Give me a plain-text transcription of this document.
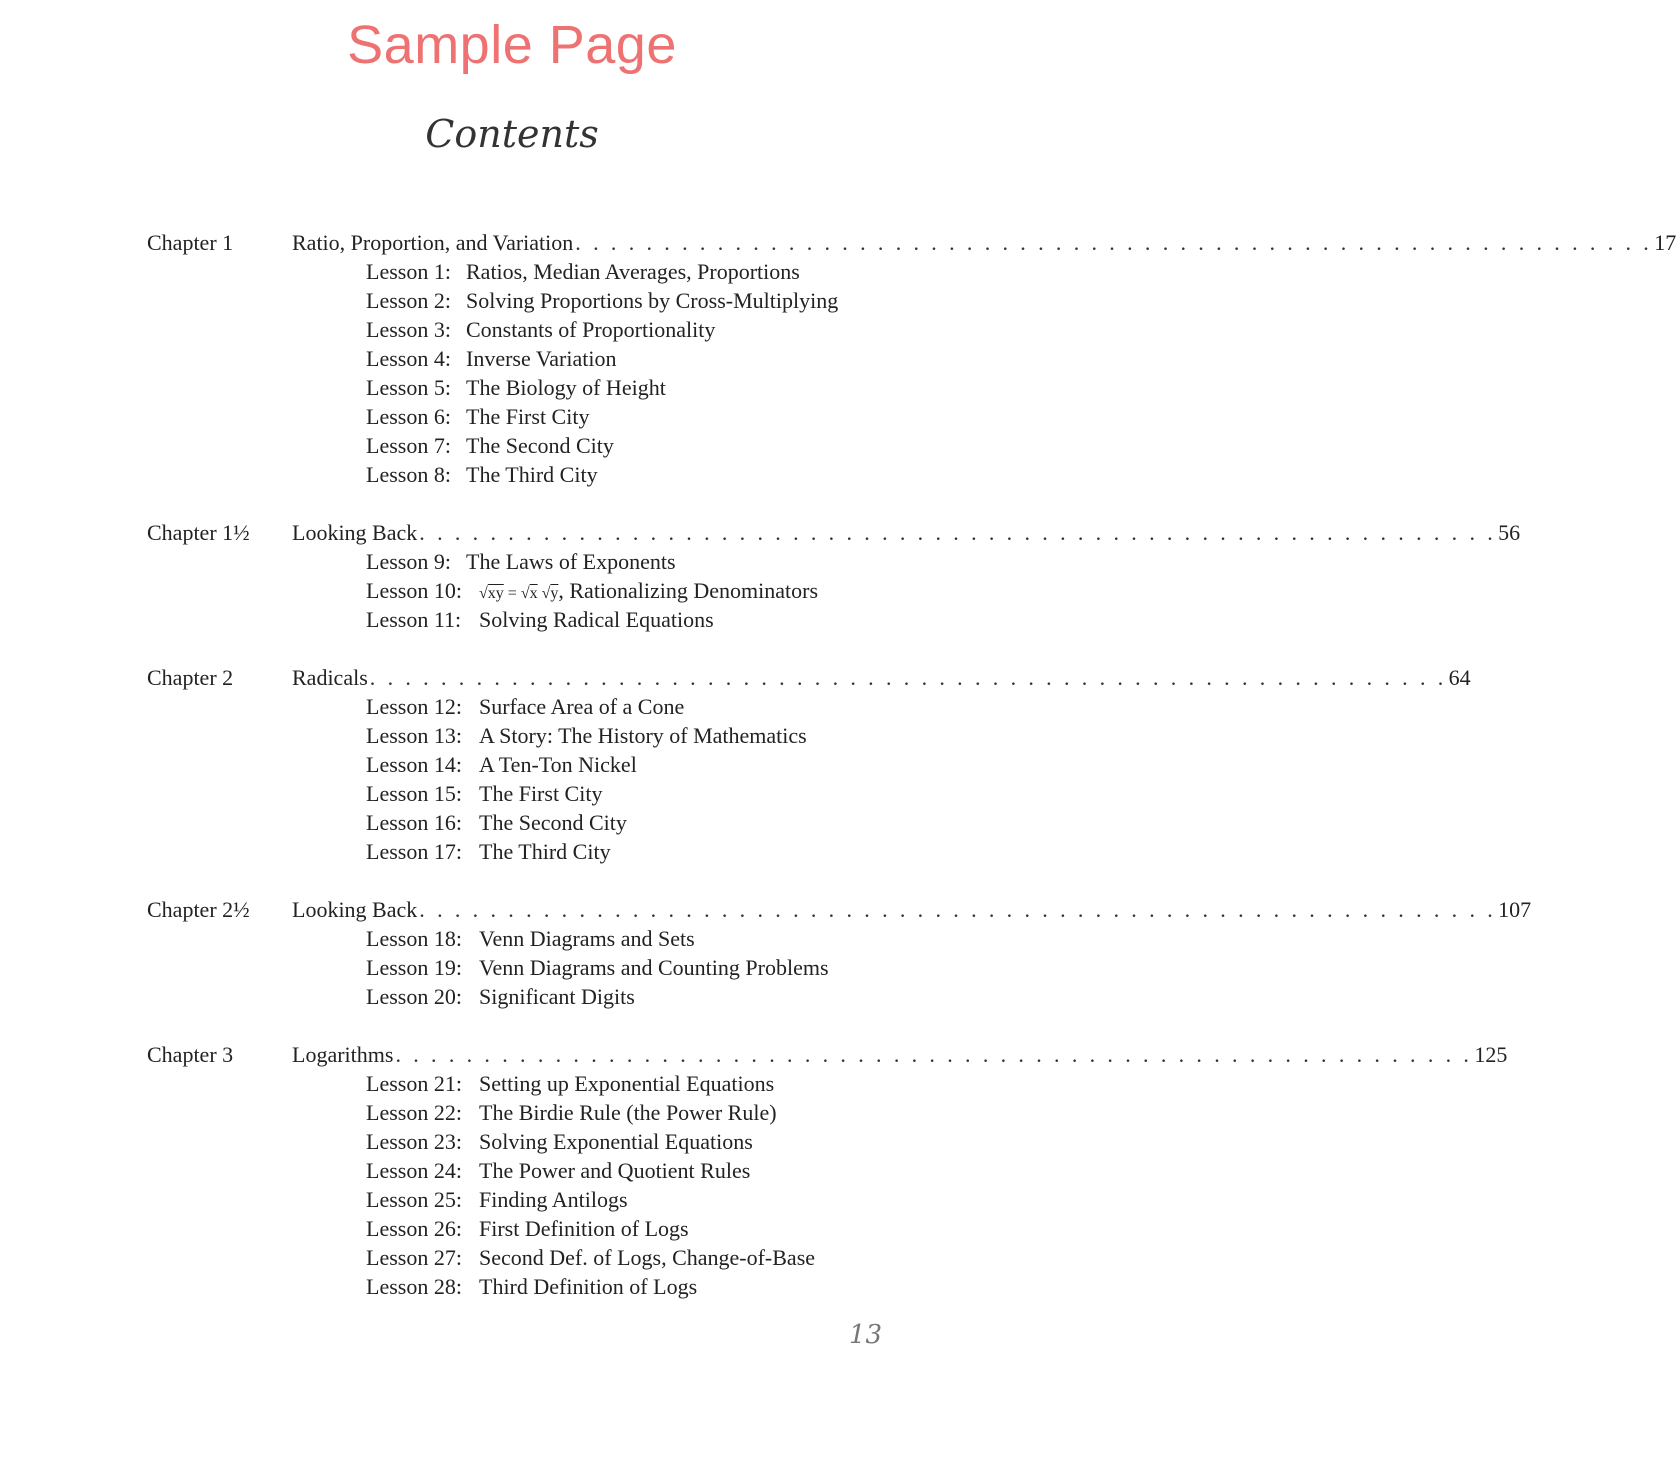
Sample Page
Contents
Chapter 1	Ratio, Proportion, and Variation . . . . . . . . . . . . . . . . . . . . . . . . . . . . . . . . . . . . . . . . . . . . . . . . . . . . . . . . . . . . . 17
Lesson 1: Ratios, Median Averages, Proportions
Lesson 2: Solving Proportions by Cross-Multiplying
Lesson 3: Constants of Proportionality
Lesson 4: Inverse Variation
Lesson 5: The Biology of Height
Lesson 6: The First City
Lesson 7: The Second City
Lesson 8: The Third City
Chapter 1½ Looking Back . . . . . . . . . . . . . . . . . . . . . . . . . . . . . . . . . . . . . . . . . . . . . . . . . . . . . . . . . . . . . 56
Lesson 9: The Laws of Exponents
Lesson 10: √xy = √x √y, Rationalizing Denominators
Lesson 11: Solving Radical Equations
Chapter 2	Radicals . . . . . . . . . . . . . . . . . . . . . . . . . . . . . . . . . . . . . . . . . . . . . . . . . . . . . . . . . . . . . 64
Lesson 12: Surface Area of a Cone
Lesson 13: A Story: The History of Mathematics
Lesson 14: A Ten-Ton Nickel
Lesson 15: The First City
Lesson 16: The Second City
Lesson 17: The Third City
Chapter 2½ Looking Back . . . . . . . . . . . . . . . . . . . . . . . . . . . . . . . . . . . . . . . . . . . . . . . . . . . . . . . . . . . . . 107
Lesson 18: Venn Diagrams and Sets
Lesson 19: Venn Diagrams and Counting Problems
Lesson 20: Significant Digits
Chapter 3	Logarithms . . . . . . . . . . . . . . . . . . . . . . . . . . . . . . . . . . . . . . . . . . . . . . . . . . . . . . . . . . . . . 125
Lesson 21: Setting up Exponential Equations
Lesson 22: The Birdie Rule (the Power Rule)
Lesson 23: Solving Exponential Equations
Lesson 24: The Power and Quotient Rules
Lesson 25: Finding Antilogs
Lesson 26: First Definition of Logs
Lesson 27: Second Def. of Logs, Change-of-Base
Lesson 28: Third Definition of Logs
13
